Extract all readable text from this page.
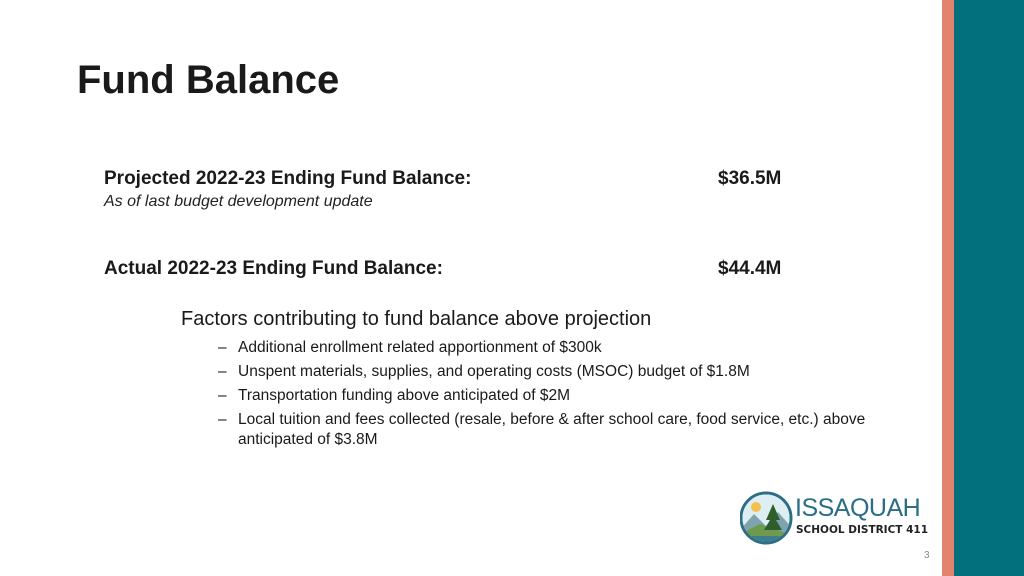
Fund Balance
Projected 2022-23 Ending Fund Balance:	$36.5M
As of last budget development update
Actual 2022-23 Ending Fund Balance:	$44.4M
Factors contributing to fund balance above projection
– Additional enrollment related apportionment of $300k
– Unspent materials, supplies, and operating costs (MSOC) budget of $1.8M
– Transportation funding above anticipated of $2M
– Local tuition and fees collected (resale, before & after school care, food service, etc.) above anticipated of $3.8M
ISSAQUAH
SCHOOL DISTRICT 411
3
